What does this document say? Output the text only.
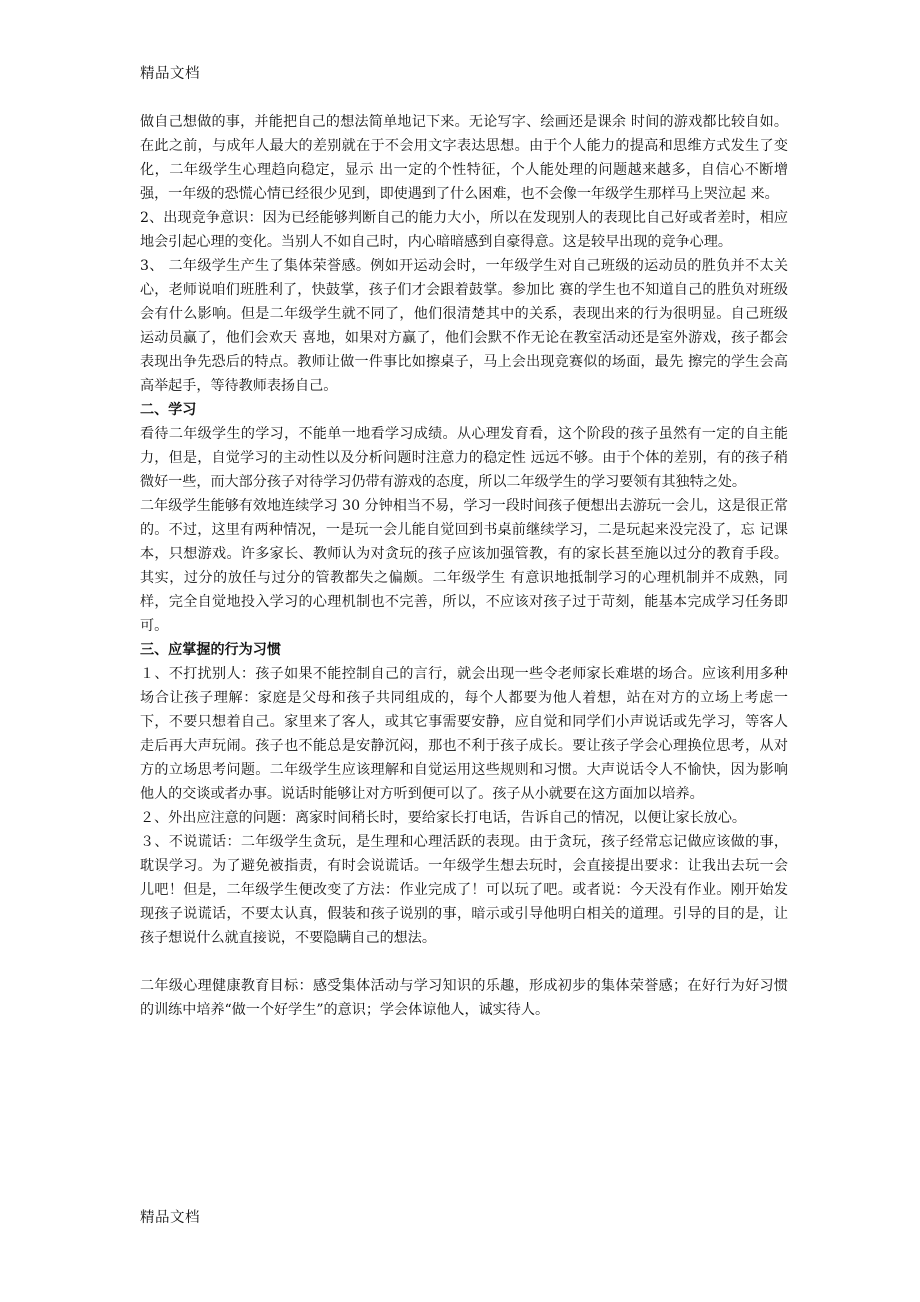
精品文档

做自己想做的事，并能把自己的想法简单地记下来。无论写字、绘画还是课余 时间的游戏都比较自如。在此之前，与成年人最大的差别就在于不会用文字表达思想。由于个人能力的提高和思维方式发生了变化，二年级学生心理趋向稳定，显示 出一定的个性特征，个人能处理的问题越来越多，自信心不断增强，一年级的恐慌心情已经很少见到，即使遇到了什么困难，也不会像一年级学生那样马上哭泣起 来。

2、出现竞争意识：因为已经能够判断自己的能力大小，所以在发现别人的表现比自己好或者差时，相应地会引起心理的变化。当别人不如自己时，内心暗暗感到自豪得意。这是较早出现的竞争心理。

3、 二年级学生产生了集体荣誉感。例如开运动会时，一年级学生对自己班级的运动员的胜负并不太关心，老师说咱们班胜利了，快鼓掌，孩子们才会跟着鼓掌。参加比 赛的学生也不知道自己的胜负对班级会有什么影响。但是二年级学生就不同了，他们很清楚其中的关系，表现出来的行为很明显。自己班级运动员赢了，他们会欢天 喜地，如果对方赢了，他们会默不作无论在教室活动还是室外游戏，孩子都会表现出争先恐后的特点。教师让做一件事比如擦桌子，马上会出现竞赛似的场面，最先 擦完的学生会高高举起手，等待教师表扬自己。

二、学习

看待二年级学生的学习，不能单一地看学习成绩。从心理发育看，这个阶段的孩子虽然有一定的自主能力，但是，自觉学习的主动性以及分析问题时注意力的稳定性 远远不够。由于个体的差别，有的孩子稍微好一些，而大部分孩子对待学习仍带有游戏的态度，所以二年级学生的学习要领有其独特之处。

二年级学生能够有效地连续学习 30 分钟相当不易，学习一段时间孩子便想出去游玩一会儿，这是很正常的。不过，这里有两种情况，一是玩一会儿能自觉回到书桌前继续学习，二是玩起来没完没了，忘 记课本，只想游戏。许多家长、教师认为对贪玩的孩子应该加强管教，有的家长甚至施以过分的教育手段。其实，过分的放任与过分的管教都失之偏颇。二年级学生 有意识地抵制学习的心理机制并不成熟，同样，完全自觉地投入学习的心理机制也不完善，所以，不应该对孩子过于苛刻，能基本完成学习任务即可。

三、应掌握的行为习惯

１、不打扰别人：孩子如果不能控制自己的言行，就会出现一些令老师家长难堪的场合。应该利用多种场合让孩子理解：家庭是父母和孩子共同组成的，每个人都要为他人着想，站在对方的立场上考虑一下，不要只想着自己。家里来了客人，或其它事需要安静，应自觉和同学们小声说话或先学习，等客人走后再大声玩闹。孩子也不能总是安静沉闷，那也不利于孩子成长。要让孩子学会心理换位思考，从对方的立场思考问题。二年级学生应该理解和自觉运用这些规则和习惯。大声说话令人不愉快，因为影响他人的交谈或者办事。说话时能够让对方听到便可以了。孩子从小就要在这方面加以培养。

２、外出应注意的问题：离家时间稍长时，要给家长打电话，告诉自己的情况，以便让家长放心。

３、不说谎话：二年级学生贪玩，是生理和心理活跃的表现。由于贪玩，孩子经常忘记做应该做的事，耽误学习。为了避免被指责，有时会说谎话。一年级学生想去玩时，会直接提出要求：让我出去玩一会儿吧！但是，二年级学生便改变了方法：作业完成了！可以玩了吧。或者说：今天没有作业。刚开始发现孩子说谎话，不要太认真，假装和孩子说别的事，暗示或引导他明白相关的道理。引导的目的是，让孩子想说什么就直接说，不要隐瞒自己的想法。

二年级心理健康教育目标：感受集体活动与学习知识的乐趣，形成初步的集体荣誉感；在好行为好习惯的训练中培养“做一个好学生”的意识；学会体谅他人，诚实待人。

精品文档
